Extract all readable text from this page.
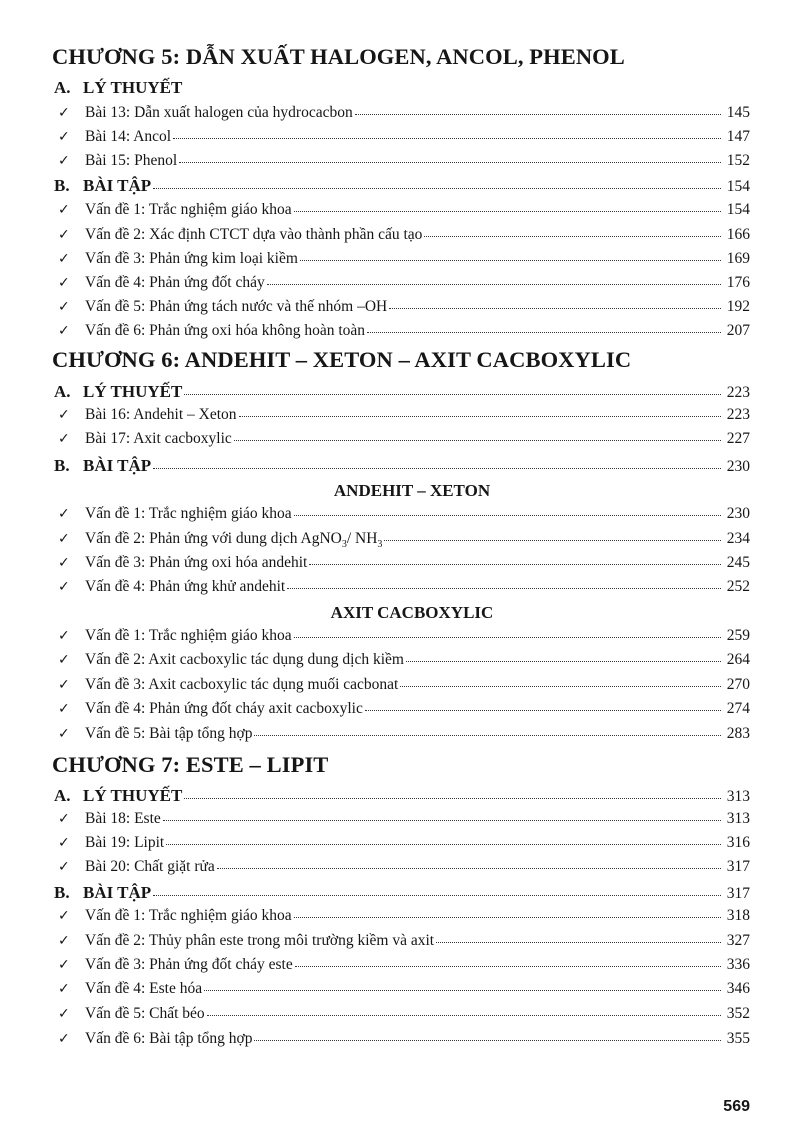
CHƯƠNG 5: DẪN XUẤT HALOGEN, ANCOL, PHENOL
A. LÝ THUYẾT
✓ Bài 13: Dẫn xuất halogen của hydrocacbon	145
✓ Bài 14: Ancol	147
✓ Bài 15: Phenol	152
B. BÀI TẬP	154
✓ Vấn đề 1: Trắc nghiệm giáo khoa	154
✓ Vấn đề 2: Xác định CTCT dựa vào thành phần cấu tạo	166
✓ Vấn đề 3: Phản ứng kim loại kiềm	169
✓ Vấn đề 4: Phản ứng đốt cháy	176
✓ Vấn đề 5: Phản ứng tách nước và thế nhóm –OH	192
✓ Vấn đề 6: Phản ứng oxi hóa không hoàn toàn	207
CHƯƠNG 6: ANDEHIT – XETON – AXIT CACBOXYLIC
A. LÝ THUYẾT	223
✓ Bài 16: Andehit – Xeton	223
✓ Bài 17: Axit cacboxylic	227
B. BÀI TẬP	230
ANDEHIT – XETON
✓ Vấn đề 1: Trắc nghiệm giáo khoa	230
✓ Vấn đề 2: Phản ứng với dung dịch AgNO$_3$/ $NH_3$	234
✓ Vấn đề 3: Phản ứng oxi hóa andehit	245
✓ Vấn đề 4: Phản ứng khử andehit	252
AXIT CACBOXYLIC
✓ Vấn đề 1: Trắc nghiệm giáo khoa	259
✓ Vấn đề 2: Axit cacboxylic tác dụng dung dịch kiềm	264
✓ Vấn đề 3: Axit cacboxylic tác dụng muối cacbonat	270
✓ Vấn đề 4: Phản ứng đốt cháy axit cacboxylic	274
✓ Vấn đề 5: Bài tập tổng hợp	283
CHƯƠNG 7: ESTE – LIPIT
A. LÝ THUYẾT	313
✓ Bài 18: Este	313
✓ Bài 19: Lipit	316
✓ Bài 20: Chất giặt rửa	317
B. BÀI TẬP	317
✓ Vấn đề 1: Trắc nghiệm giáo khoa	318
✓ Vấn đề 2: Thủy phân este trong môi trường kiềm và axit	327
✓ Vấn đề 3: Phản ứng đốt cháy este	336
✓ Vấn đề 4: Este hóa	346
✓ Vấn đề 5: Chất béo	352
✓ Vấn đề 6: Bài tập tổng hợp	355
569
